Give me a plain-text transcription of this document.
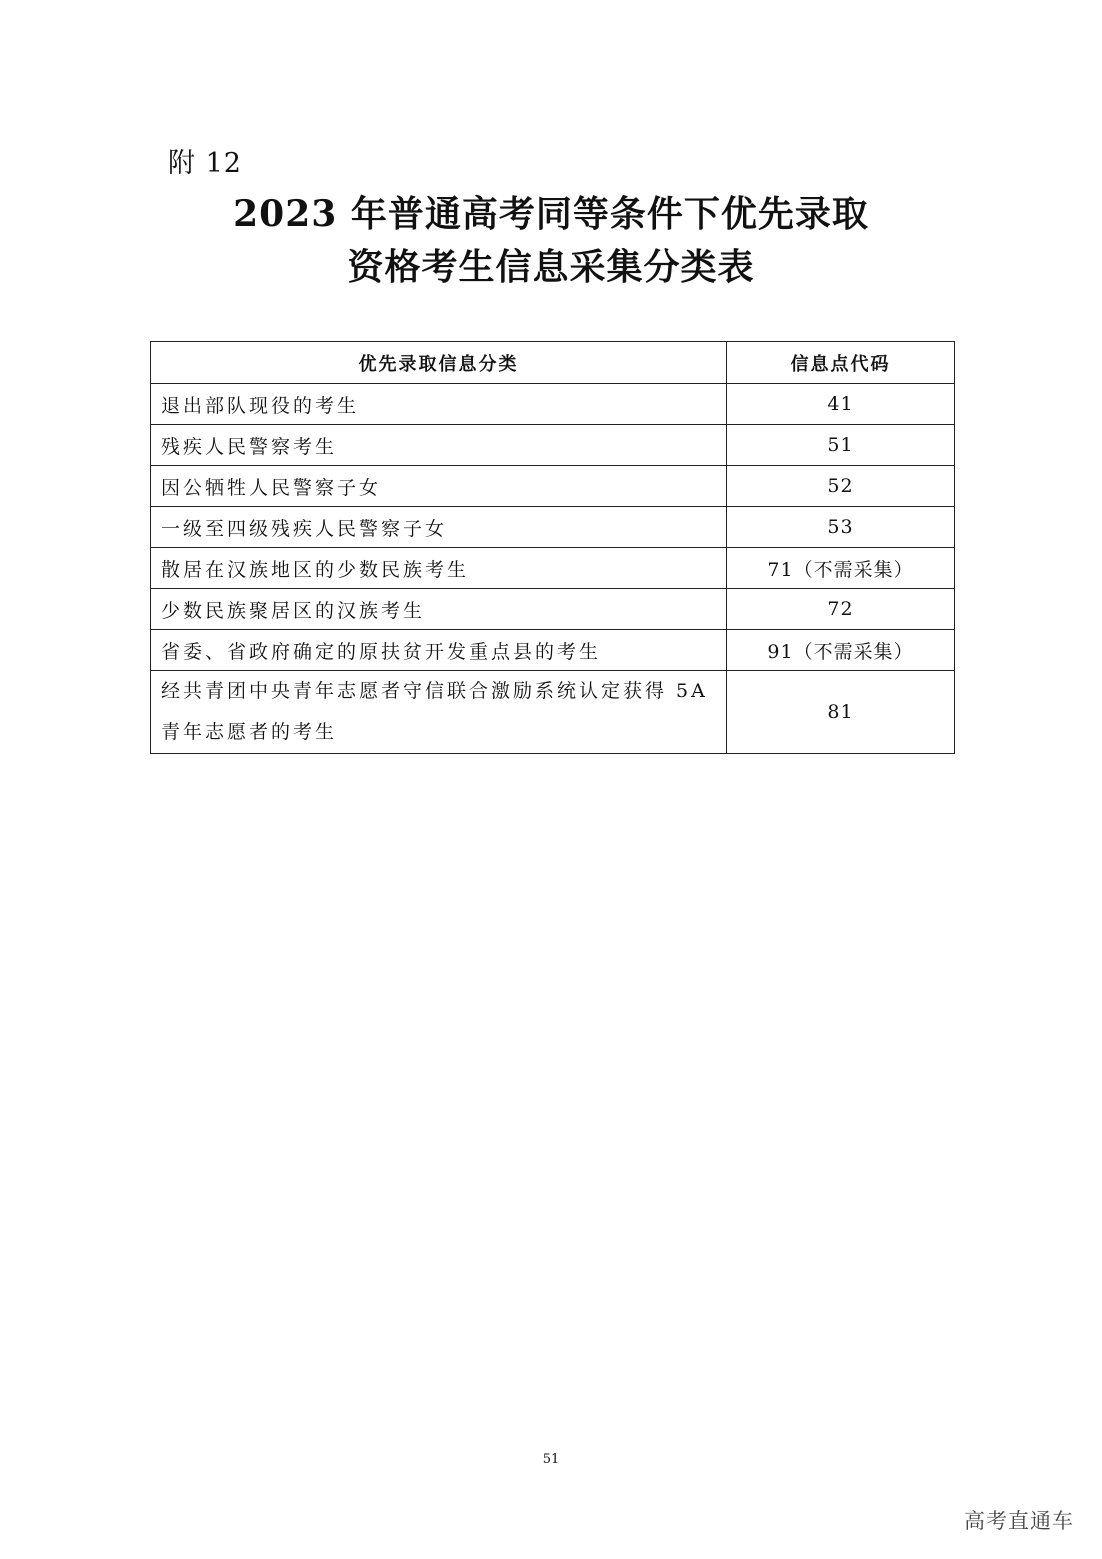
附 12
2023 年普通高考同等条件下优先录取
资格考生信息采集分类表
优先录取信息分类	信息点代码
退出部队现役的考生	41
残疾人民警察考生	51
因公牺牲人民警察子女	52
一级至四级残疾人民警察子女	53
散居在汉族地区的少数民族考生	71（不需采集）
少数民族聚居区的汉族考生	72
省委、省政府确定的原扶贫开发重点县的考生	91（不需采集）
经共青团中央青年志愿者守信联合激励系统认定获得 5A 青年志愿者的考生	81
51
高考直通车
